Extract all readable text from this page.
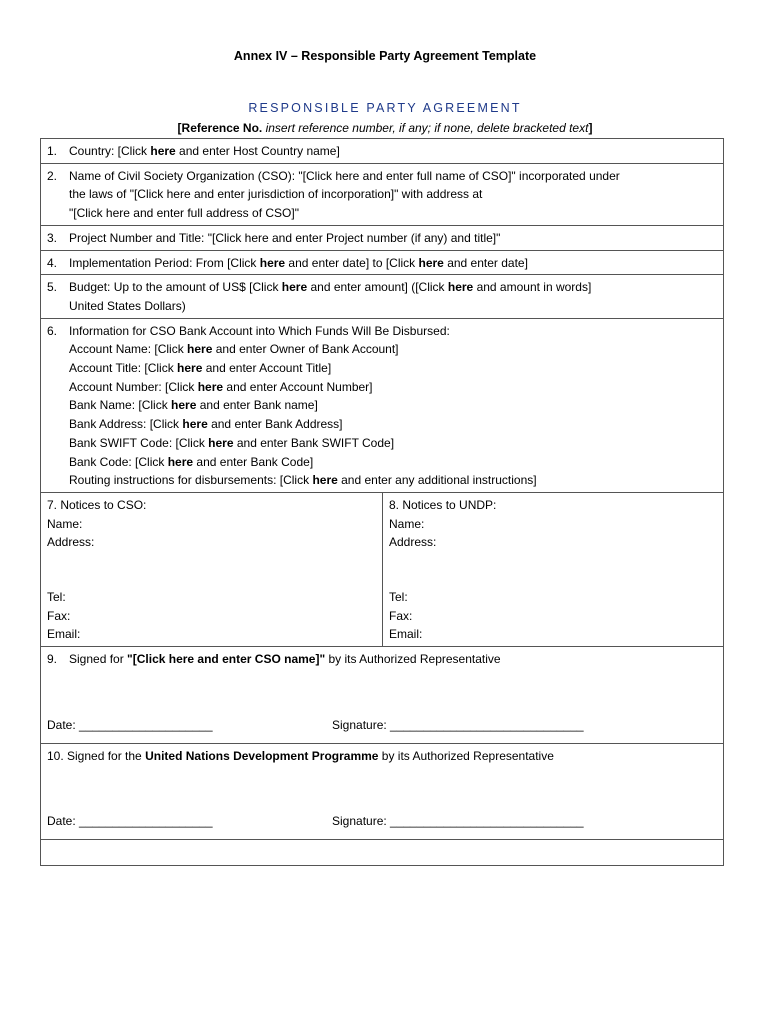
Annex IV – Responsible Party Agreement Template
RESPONSIBLE PARTY AGREEMENT
[Reference No. insert reference number, if any; if none, delete bracketed text]
1. Country: [Click here and enter Host Country name]

2. Name of Civil Society Organization (CSO): "[Click here and enter full name of CSO]" incorporated under
the laws of "[Click here and enter jurisdiction of incorporation]" with address at
"[Click here and enter full address of CSO]"

3. Project Number and Title: "[Click here and enter Project number (if any) and title]"
4. Implementation Period: From [Click here and enter date] to [Click here and enter date]

5. Budget: Up to the amount of US$ [Click here and enter amount] ([Click here and amount in words]
United States Dollars)

6. Information for CSO Bank Account into Which Funds Will Be Disbursed:
Account Name: [Click here and enter Owner of Bank Account]
Account Title: [Click here and enter Account Title]
Account Number: [Click here and enter Account Number]
Bank Name: [Click here and enter Bank name]
Bank Address: [Click here and enter Bank Address]
Bank SWIFT Code: [Click here and enter Bank SWIFT Code]
Bank Code: [Click here and enter Bank Code]
Routing instructions for disbursements: [Click here and enter any additional instructions]

7. Notices to CSO:
Name:
Address:
Tel:
Fax:
Email:

8. Notices to UNDP:
Name:
Address:
Tel:
Fax:
Email:

9. Signed for "[Click here and enter CSO name]" by its Authorized Representative
Date: ____________________	Signature: _____________________________

10. Signed for the United Nations Development Programme by its Authorized Representative
Date: ____________________	Signature: _____________________________
